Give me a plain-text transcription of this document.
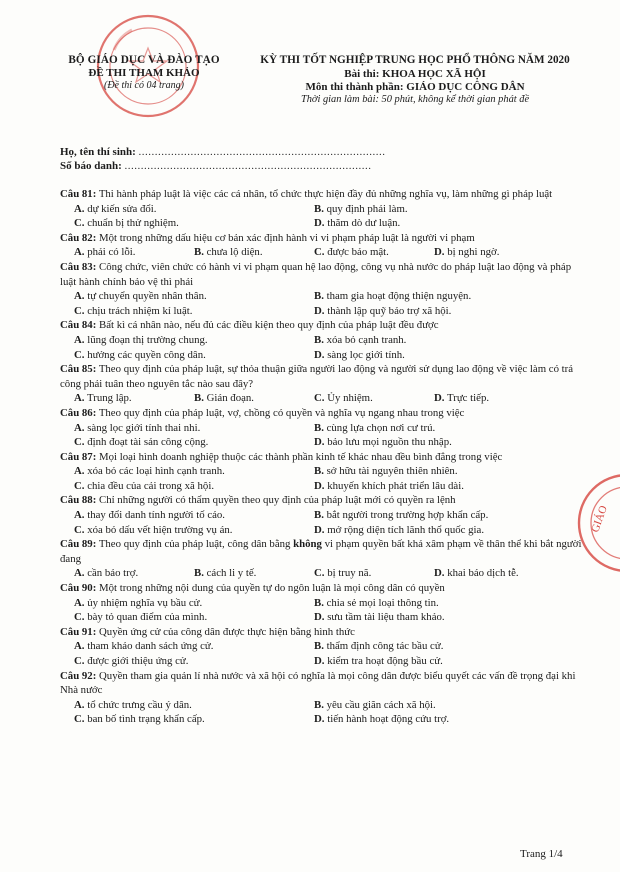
BỘ GIÁO DỤC VÀ ĐÀO TẠO
ĐỀ THI THAM KHẢO
(Đề thi có 04 trang)
KỲ THI TỐT NGHIỆP TRUNG HỌC PHỔ THÔNG NĂM 2020
Bài thi: KHOA HỌC XÃ HỘI
Môn thi thành phần: GIÁO DỤC CÔNG DÂN
Thời gian làm bài: 50 phút, không kể thời gian phát đề
Họ, tên thí sinh: ............................................................................
Số báo danh: ............................................................................

Câu 81: Thi hành pháp luật là việc các cá nhân, tổ chức thực hiện đầy đủ những nghĩa vụ, làm những gì pháp luật

A. dự kiến sửa đổi.	B. quy định phải làm.
C. chuẩn bị thử nghiệm.	D. thăm dò dư luận.

Câu 82: Một trong những dấu hiệu cơ bản xác định hành vi vi phạm pháp luật là người vi phạm

A. phải có lỗi.	B. chưa lộ diện.	C. được bảo mật.	D. bị nghi ngờ.

Câu 83: Công chức, viên chức có hành vi vi phạm quan hệ lao động, công vụ nhà nước do pháp luật lao động và pháp luật hành chính bảo vệ thì phải

A. tự chuyển quyền nhân thân.	B. tham gia hoạt động thiện nguyện.
C. chịu trách nhiệm kỉ luật.	D. thành lập quỹ bảo trợ xã hội.

Câu 84: Bất kì cá nhân nào, nếu đủ các điều kiện theo quy định của pháp luật đều được

A. lũng đoạn thị trường chung.	B. xóa bỏ cạnh tranh.
C. hưởng các quyền công dân.	D. sàng lọc giới tính.

Câu 85: Theo quy định của pháp luật, sự thỏa thuận giữa người lao động và người sử dụng lao động về việc làm có trả công phải tuân theo nguyên tắc nào sau đây?

A. Trung lập.	B. Gián đoạn.	C. Ủy nhiệm.	D. Trực tiếp.

Câu 86: Theo quy định của pháp luật, vợ, chồng có quyền và nghĩa vụ ngang nhau trong việc

A. sàng lọc giới tính thai nhi.	B. cùng lựa chọn nơi cư trú.
C. định đoạt tài sản công cộng.	D. bảo lưu mọi nguồn thu nhập.

Câu 87: Mọi loại hình doanh nghiệp thuộc các thành phần kinh tế khác nhau đều bình đẳng trong việc

A. xóa bỏ các loại hình cạnh tranh.	B. sở hữu tài nguyên thiên nhiên.
C. chia đều của cải trong xã hội.	D. khuyến khích phát triển lâu dài.

Câu 88: Chỉ những người có thẩm quyền theo quy định của pháp luật mới có quyền ra lệnh

A. thay đổi danh tính người tố cáo.	B. bắt người trong trường hợp khẩn cấp.
C. xóa bỏ dấu vết hiện trường vụ án.	D. mở rộng diện tích lãnh thổ quốc gia.

Câu 89: Theo quy định của pháp luật, công dân bằng không vi phạm quyền bất khả xâm phạm về thân thể khi bắt người đang

A. cần bảo trợ.	B. cách li y tế.	C. bị truy nã.	D. khai báo dịch tễ.

Câu 90: Một trong những nội dung của quyền tự do ngôn luận là mọi công dân có quyền

A. ủy nhiệm nghĩa vụ bầu cử.	B. chia sẻ mọi loại thông tin.
C. bày tỏ quan điểm của mình.	D. sưu tầm tài liệu tham khảo.

Câu 91: Quyền ứng cử của công dân được thực hiện bằng hình thức

A. tham khảo danh sách ứng cử.	B. thẩm định công tác bầu cử.
C. được giới thiệu ứng cử.	D. kiểm tra hoạt động bầu cử.

Câu 92: Quyền tham gia quản lí nhà nước và xã hội có nghĩa là mọi công dân được biểu quyết các vấn đề trọng đại khi Nhà nước

A. tổ chức trưng cầu ý dân.	B. yêu cầu giãn cách xã hội.
C. ban bố tình trạng khẩn cấp.	D. tiến hành hoạt động cứu trợ.
GIÁO
Trang 1/4
